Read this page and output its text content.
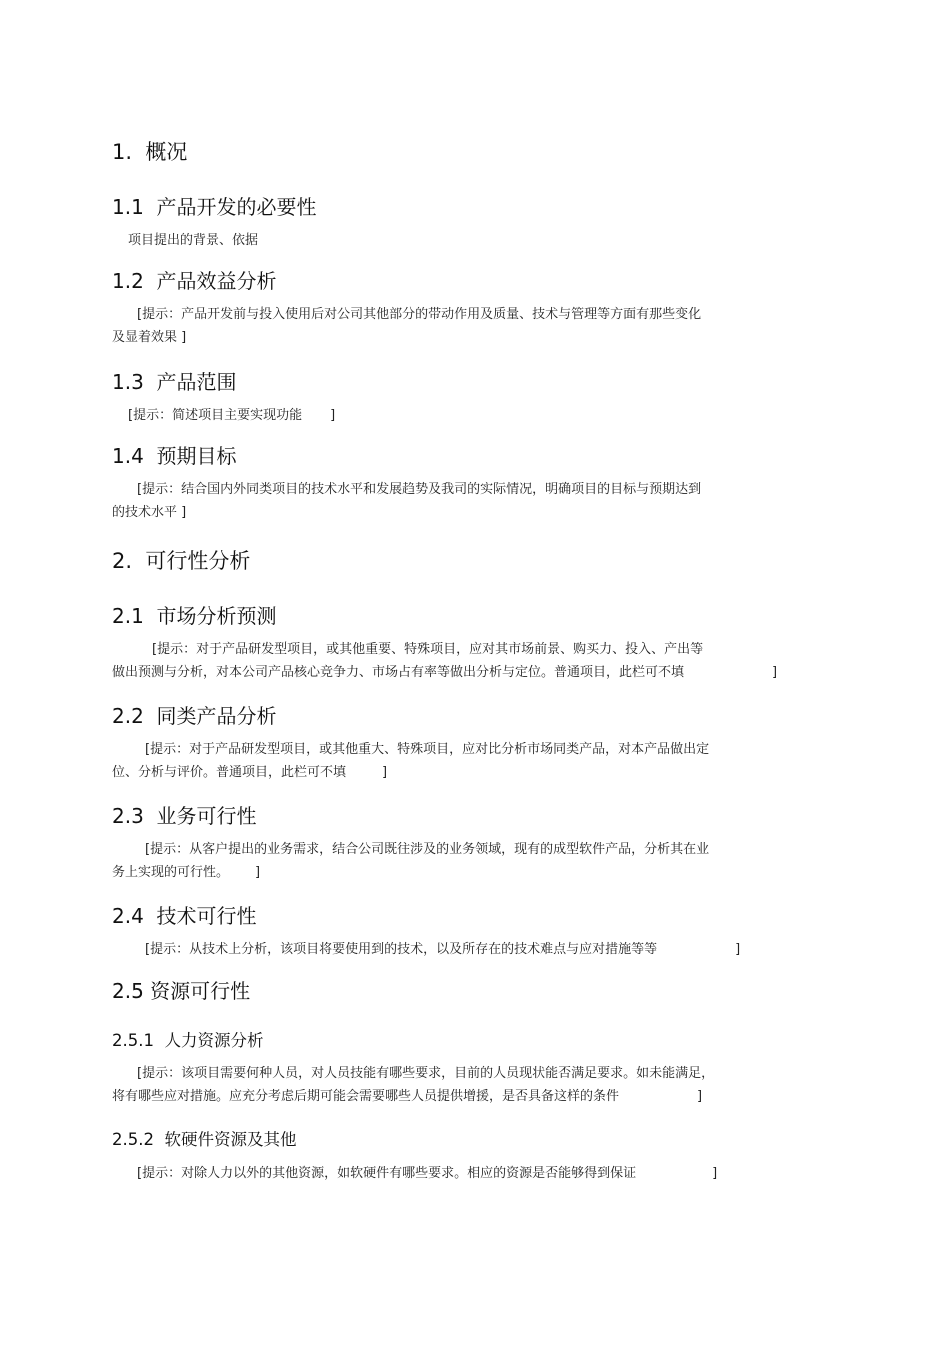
1. 概况
1.1 产品开发的必要性
项目提出的背景、依据
1.2 产品效益分析
[提示：产品开发前与投入使用后对公司其他部分的带动作用及质量、技术与管理等方面有那些变化
及显着效果 ]
1.3 产品范围
[提示：简述项目主要实现功能 ]
1.4 预期目标
[提示：结合国内外同类项目的技术水平和发展趋势及我司的实际情况，明确项目的目标与预期达到
的技术水平 ]
2. 可行性分析
2.1 市场分析预测
[提示：对于产品研发型项目，或其他重要、特殊项目，应对其市场前景、购买力、投入、产出等
做出预测与分析，对本公司产品核心竞争力、市场占有率等做出分析与定位。普通项目，此栏可不填	]
2.2 同类产品分析
[提示：对于产品研发型项目，或其他重大、特殊项目，应对比分析市场同类产品，对本产品做出定
位、分析与评价。普通项目，此栏可不填	]
2.3 业务可行性
[提示：从客户提出的业务需求，结合公司既往涉及的业务领域，现有的成型软件产品，分析其在业
务上实现的可行性。 ]
2.4 技术可行性
[提示：从技术上分析，该项目将要使用到的技术，以及所存在的技术难点与应对措施等等	]
2.5 资源可行性
2.5.1 人力资源分析
[提示：该项目需要何种人员，对人员技能有哪些要求，目前的人员现状能否满足要求。如未能满足，
将有哪些应对措施。应充分考虑后期可能会需要哪些人员提供增援，是否具备这样的条件	]
2.5.2 软硬件资源及其他
[提示：对除人力以外的其他资源，如软硬件有哪些要求。相应的资源是否能够得到保证	]
